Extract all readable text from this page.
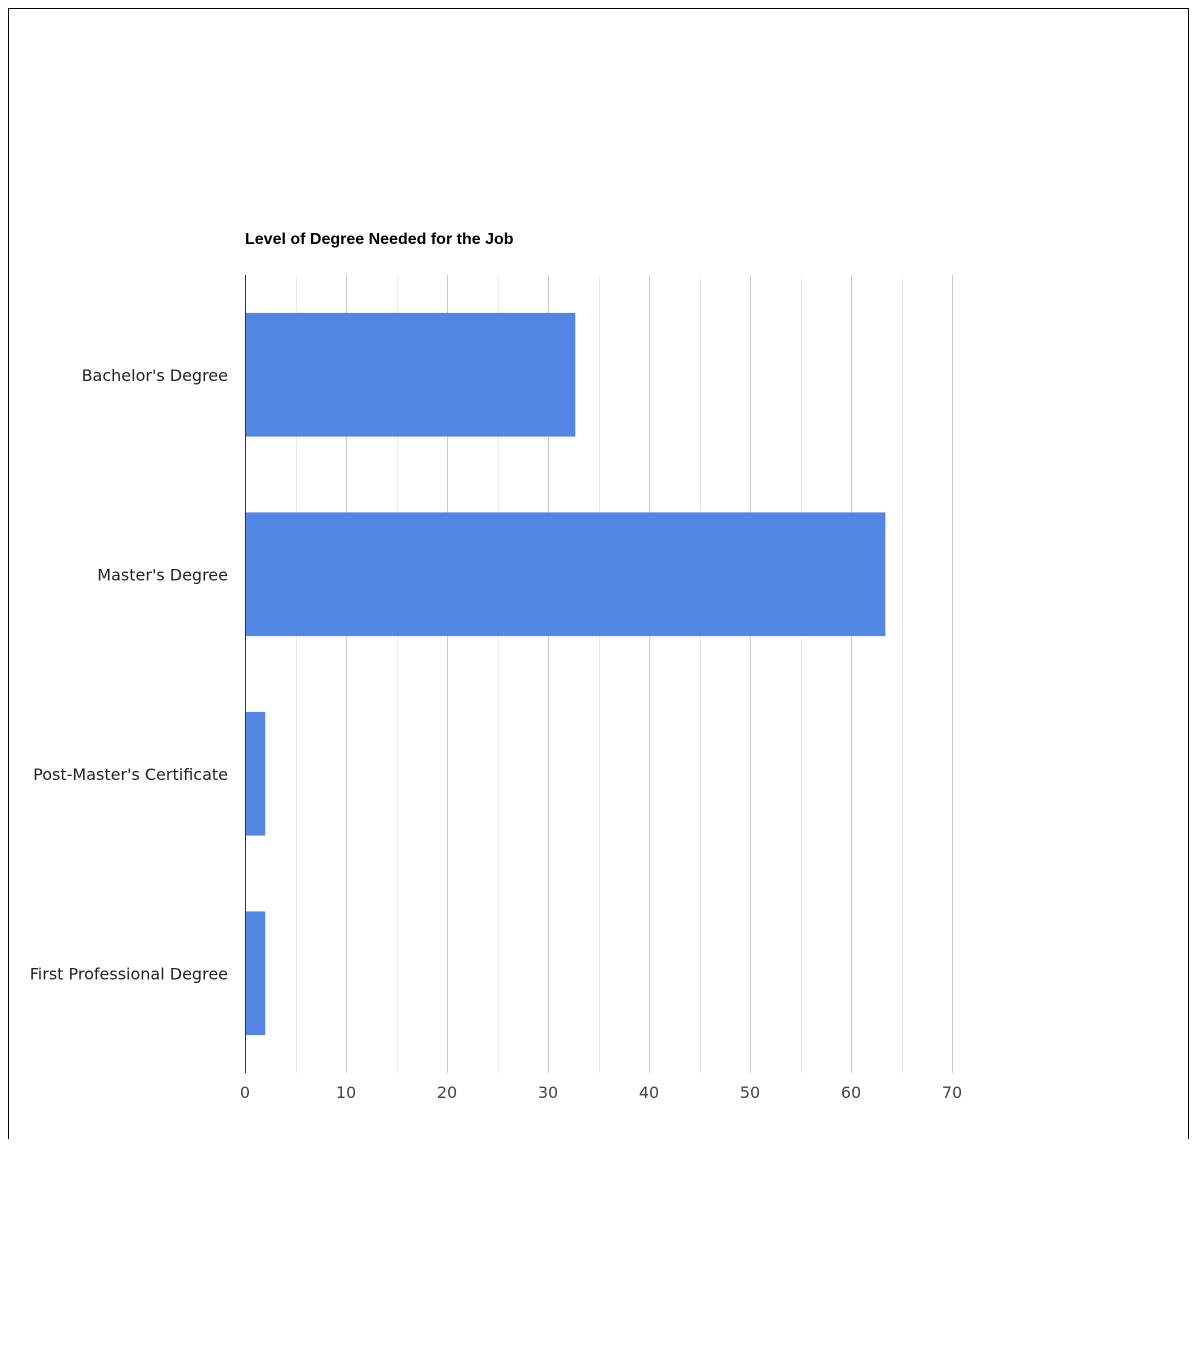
Level of Degree Needed for the Job
Bachelor's Degree
Master's Degree
Post-Master's Certificate
First Professional Degree
0	10	20	30	40	50	60	70
